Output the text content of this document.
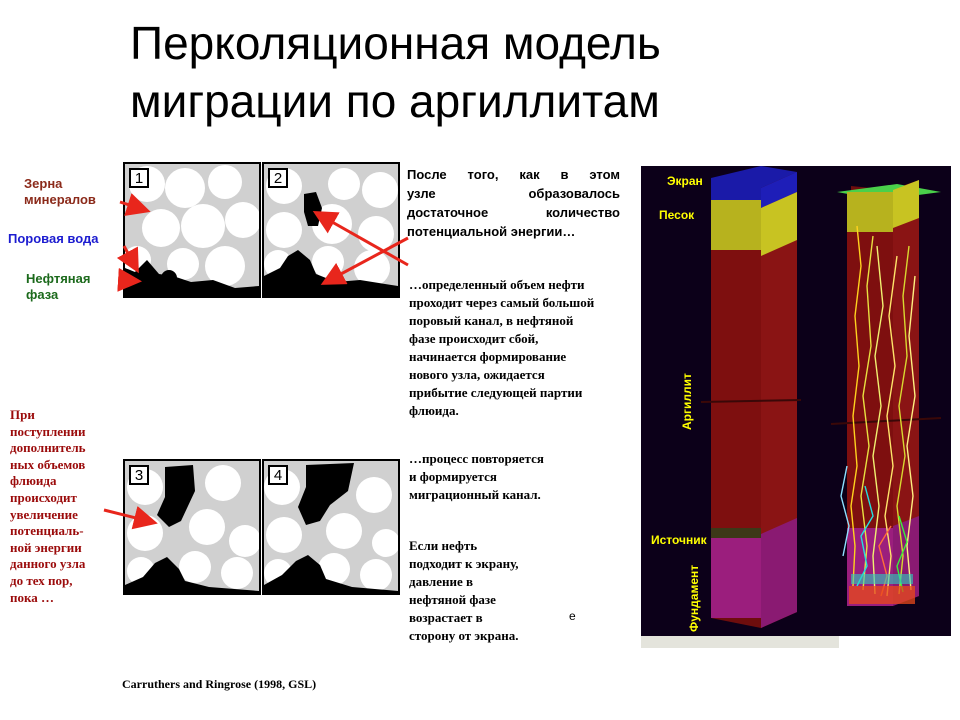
Перколяционная модель
миграции по аргиллитам
Зерна
минералов
Поровая вода
Нефтяная
фаза
1	2
3	4
После того, как в этом
узле образовалось
достаточное количество
потенциальной энергии…
…определенный объем нефти
проходит через самый большой
поровый канал, в нефтяной
фазе происходит сбой,
начинается формирование
нового узла, ожидается
прибытие следующей партии
флюида.
…процесс повторяется
и формируется
миграционный канал.
Если нефть
подходит к экрану,
давление в
нефтяной фазе
возрастает в
сторону от экрана.
е
При
поступлении
дополнитель
ных объемов
флюида
происходит
увеличение
потенциаль-
ной энергии
данного узла
до тех пор,
пока …
Carruthers and Ringrose (1998, GSL)
Экран
Песок
Аргиллит
Источник
Фундамент
